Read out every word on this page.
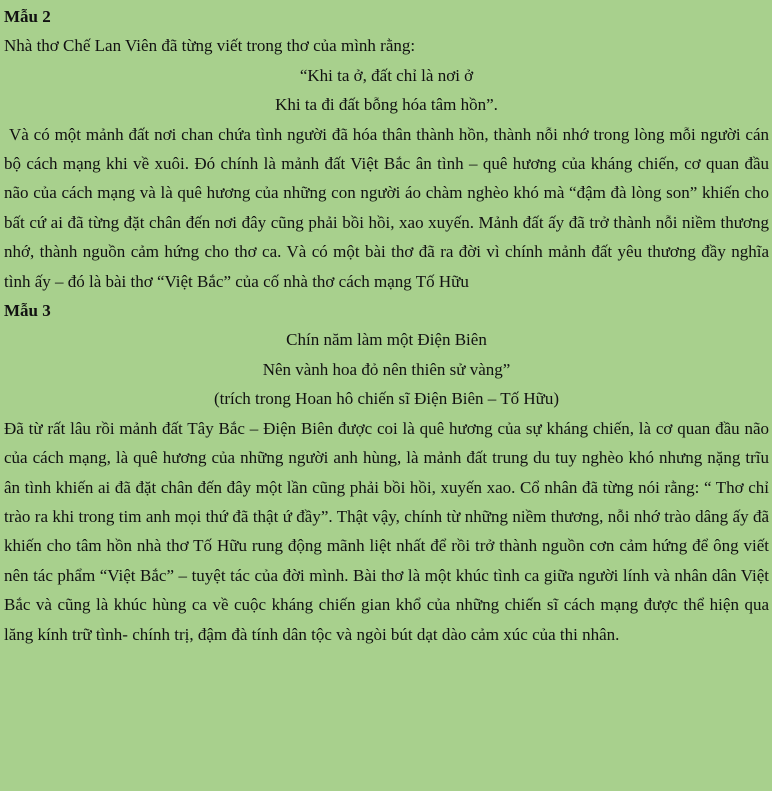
Mẫu 2

Nhà thơ Chế Lan Viên đã từng viết trong thơ của mình rằng:

“Khi ta ở, đất chỉ là nơi ở

Khi ta đi đất bỗng hóa tâm hồn”.

Và có một mảnh đất nơi chan chứa tình người đã hóa thân thành hồn, thành nỗi nhớ trong lòng mỗi người cán bộ cách mạng khi về xuôi. Đó chính là mảnh đất Việt Bắc ân tình – quê hương của kháng chiến, cơ quan đầu não của cách mạng và là quê hương của những con người áo chàm nghèo khó mà “đậm đà lòng son” khiến cho bất cứ ai đã từng đặt chân đến nơi đây cũng phải bồi hồi, xao xuyến. Mảnh đất ấy đã trở thành nỗi niềm thương nhớ, thành nguồn cảm hứng cho thơ ca. Và có một bài thơ đã ra đời vì chính mảnh đất yêu thương đầy nghĩa tình ấy – đó là bài thơ “Việt Bắc” của cố nhà thơ cách mạng Tố Hữu

Mẫu 3

Chín năm làm một Điện Biên

Nên vành hoa đỏ nên thiên sử vàng”

(trích trong Hoan hô chiến sĩ Điện Biên – Tố Hữu)

Đã từ rất lâu rồi mảnh đất Tây Bắc – Điện Biên được coi là quê hương của sự kháng chiến, là cơ quan đầu não của cách mạng, là quê hương của những người anh hùng, là mảnh đất trung du tuy nghèo khó nhưng nặng trĩu ân tình khiến ai đã đặt chân đến đây một lần cũng phải bồi hồi, xuyến xao. Cổ nhân đã từng nói rằng: “ Thơ chỉ trào ra khi trong tim anh mọi thứ đã thật ứ đầy”. Thật vậy, chính từ những niềm thương, nỗi nhớ trào dâng ấy đã khiến cho tâm hồn nhà thơ Tố Hữu rung động mãnh liệt nhất để rồi trở thành nguồn cơn cảm hứng để ông viết nên tác phẩm “Việt Bắc” – tuyệt tác của đời mình. Bài thơ là một khúc tình ca giữa người lính và nhân dân Việt Bắc và cũng là khúc hùng ca về cuộc kháng chiến gian khổ của những chiến sĩ cách mạng được thể hiện qua lăng kính trữ tình- chính trị, đậm đà tính dân tộc và ngòi bút dạt dào cảm xúc của thi nhân.
